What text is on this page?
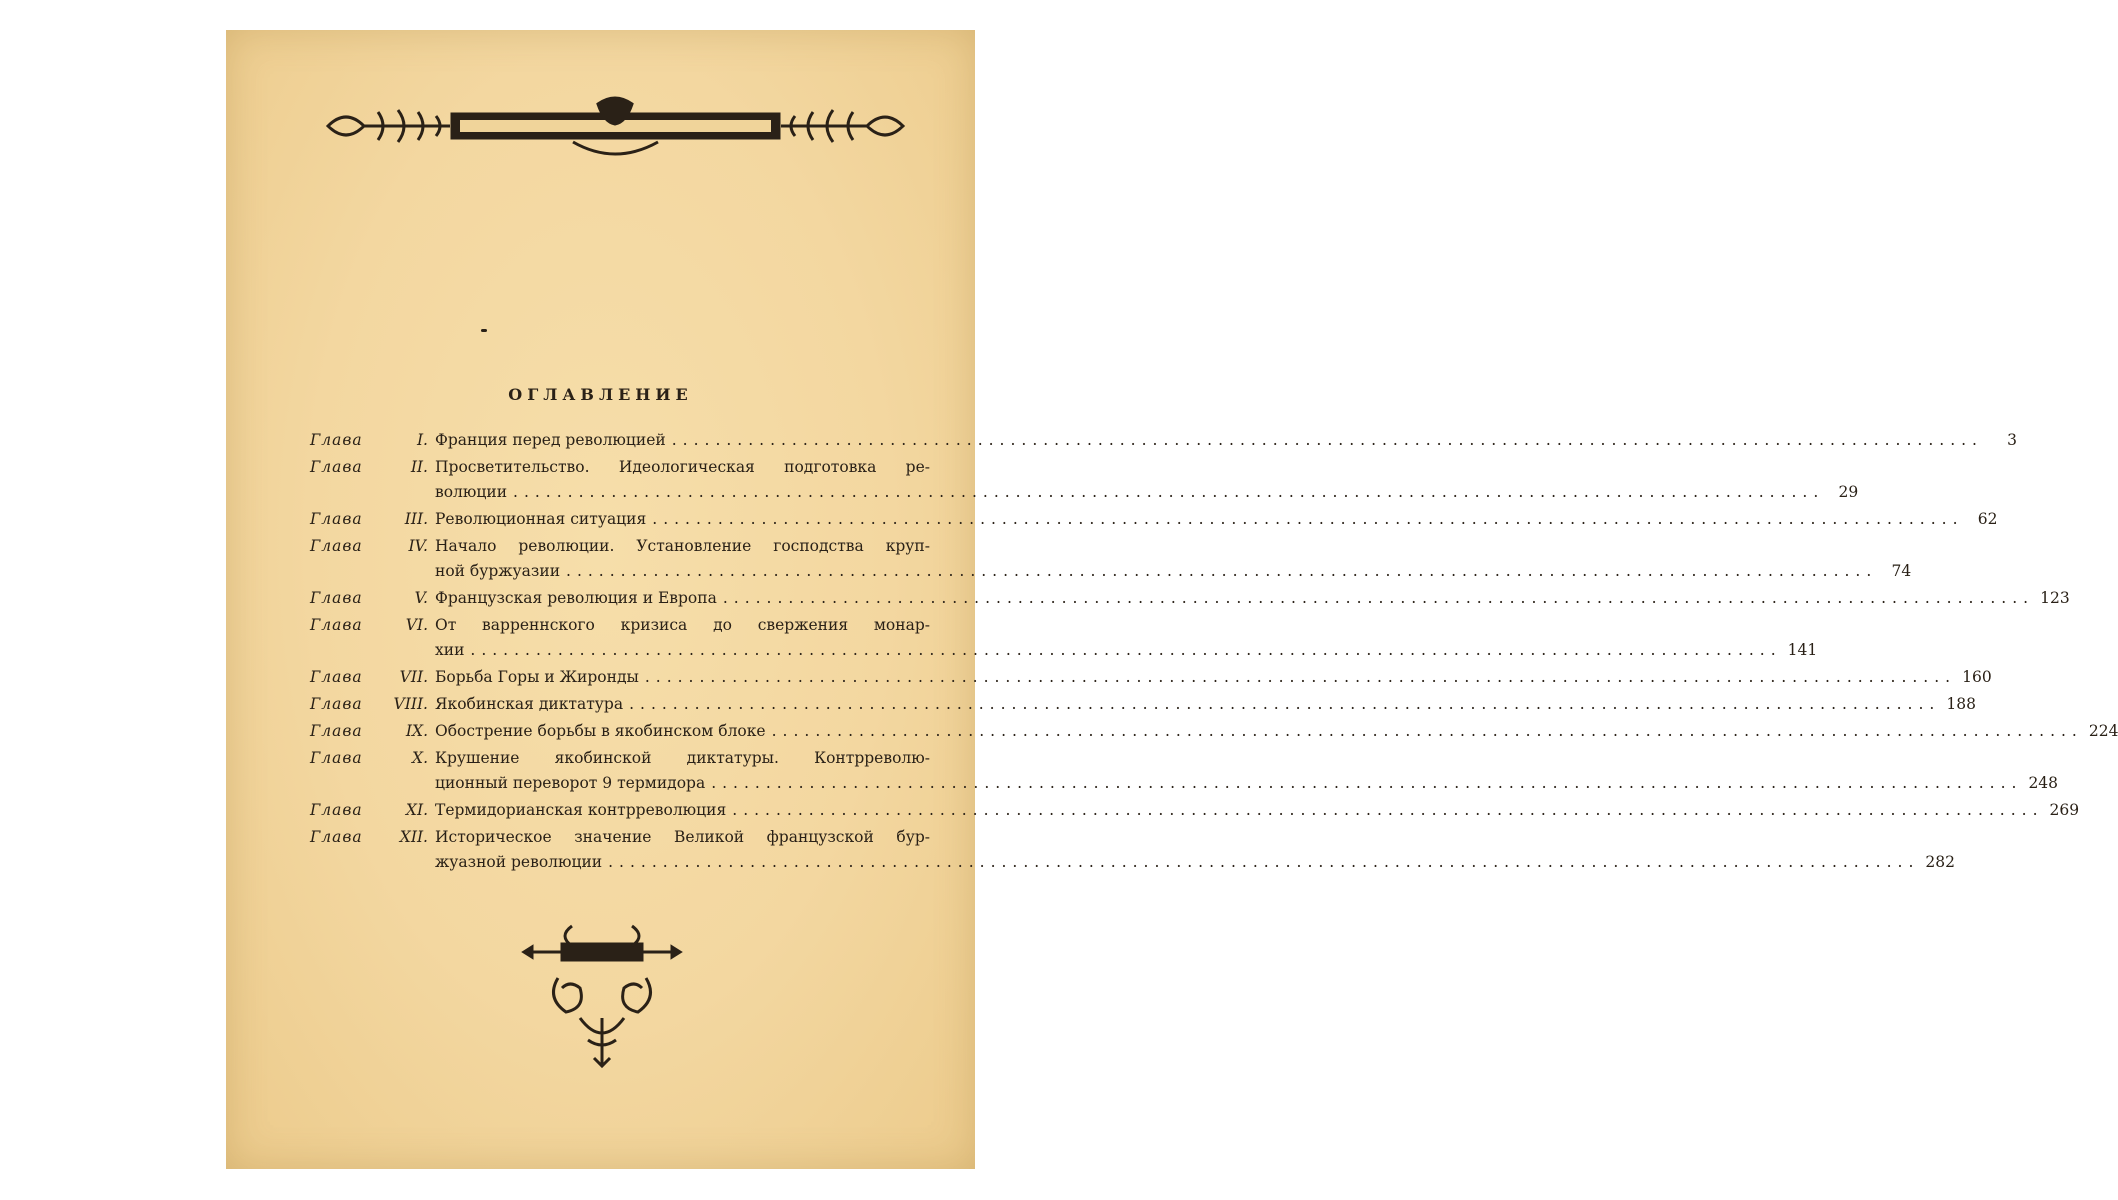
ОГЛАВЛЕНИЕ
Глава	I. Франция перед революцией ........................................................................................................................	3
Глава	II. Просветительство. Идеологическая подготовка ре-
волюции ........................................................................................................................ 29
Глава	III. Революционная ситуация ........................................................................................................................ 62
Глава	IV. Начало революции. Установление господства круп-
ной буржуазии ........................................................................................................................ 74
Глава	V. Французская революция и Европа ........................................................................................................................ 123
Глава	VI. От варреннского кризиса до свержения монар-
хии ........................................................................................................................ 141
Глава	VII. Борьба Горы и Жиронды ........................................................................................................................ 160
Глава	VIII. Якобинская диктатура ........................................................................................................................ 188
Глава	IX. Обострение борьбы в якобинском блоке ........................................................................................................................ 224
Глава	X. Крушение якобинской диктатуры. Контрреволю-
ционный переворот 9 термидора ........................................................................................................................ 248
Глава	XI. Термидорианская контрреволюция ........................................................................................................................ 269
Глава	XII. Историческое значение Великой французской бур-
жуазной революции ........................................................................................................................ 282
